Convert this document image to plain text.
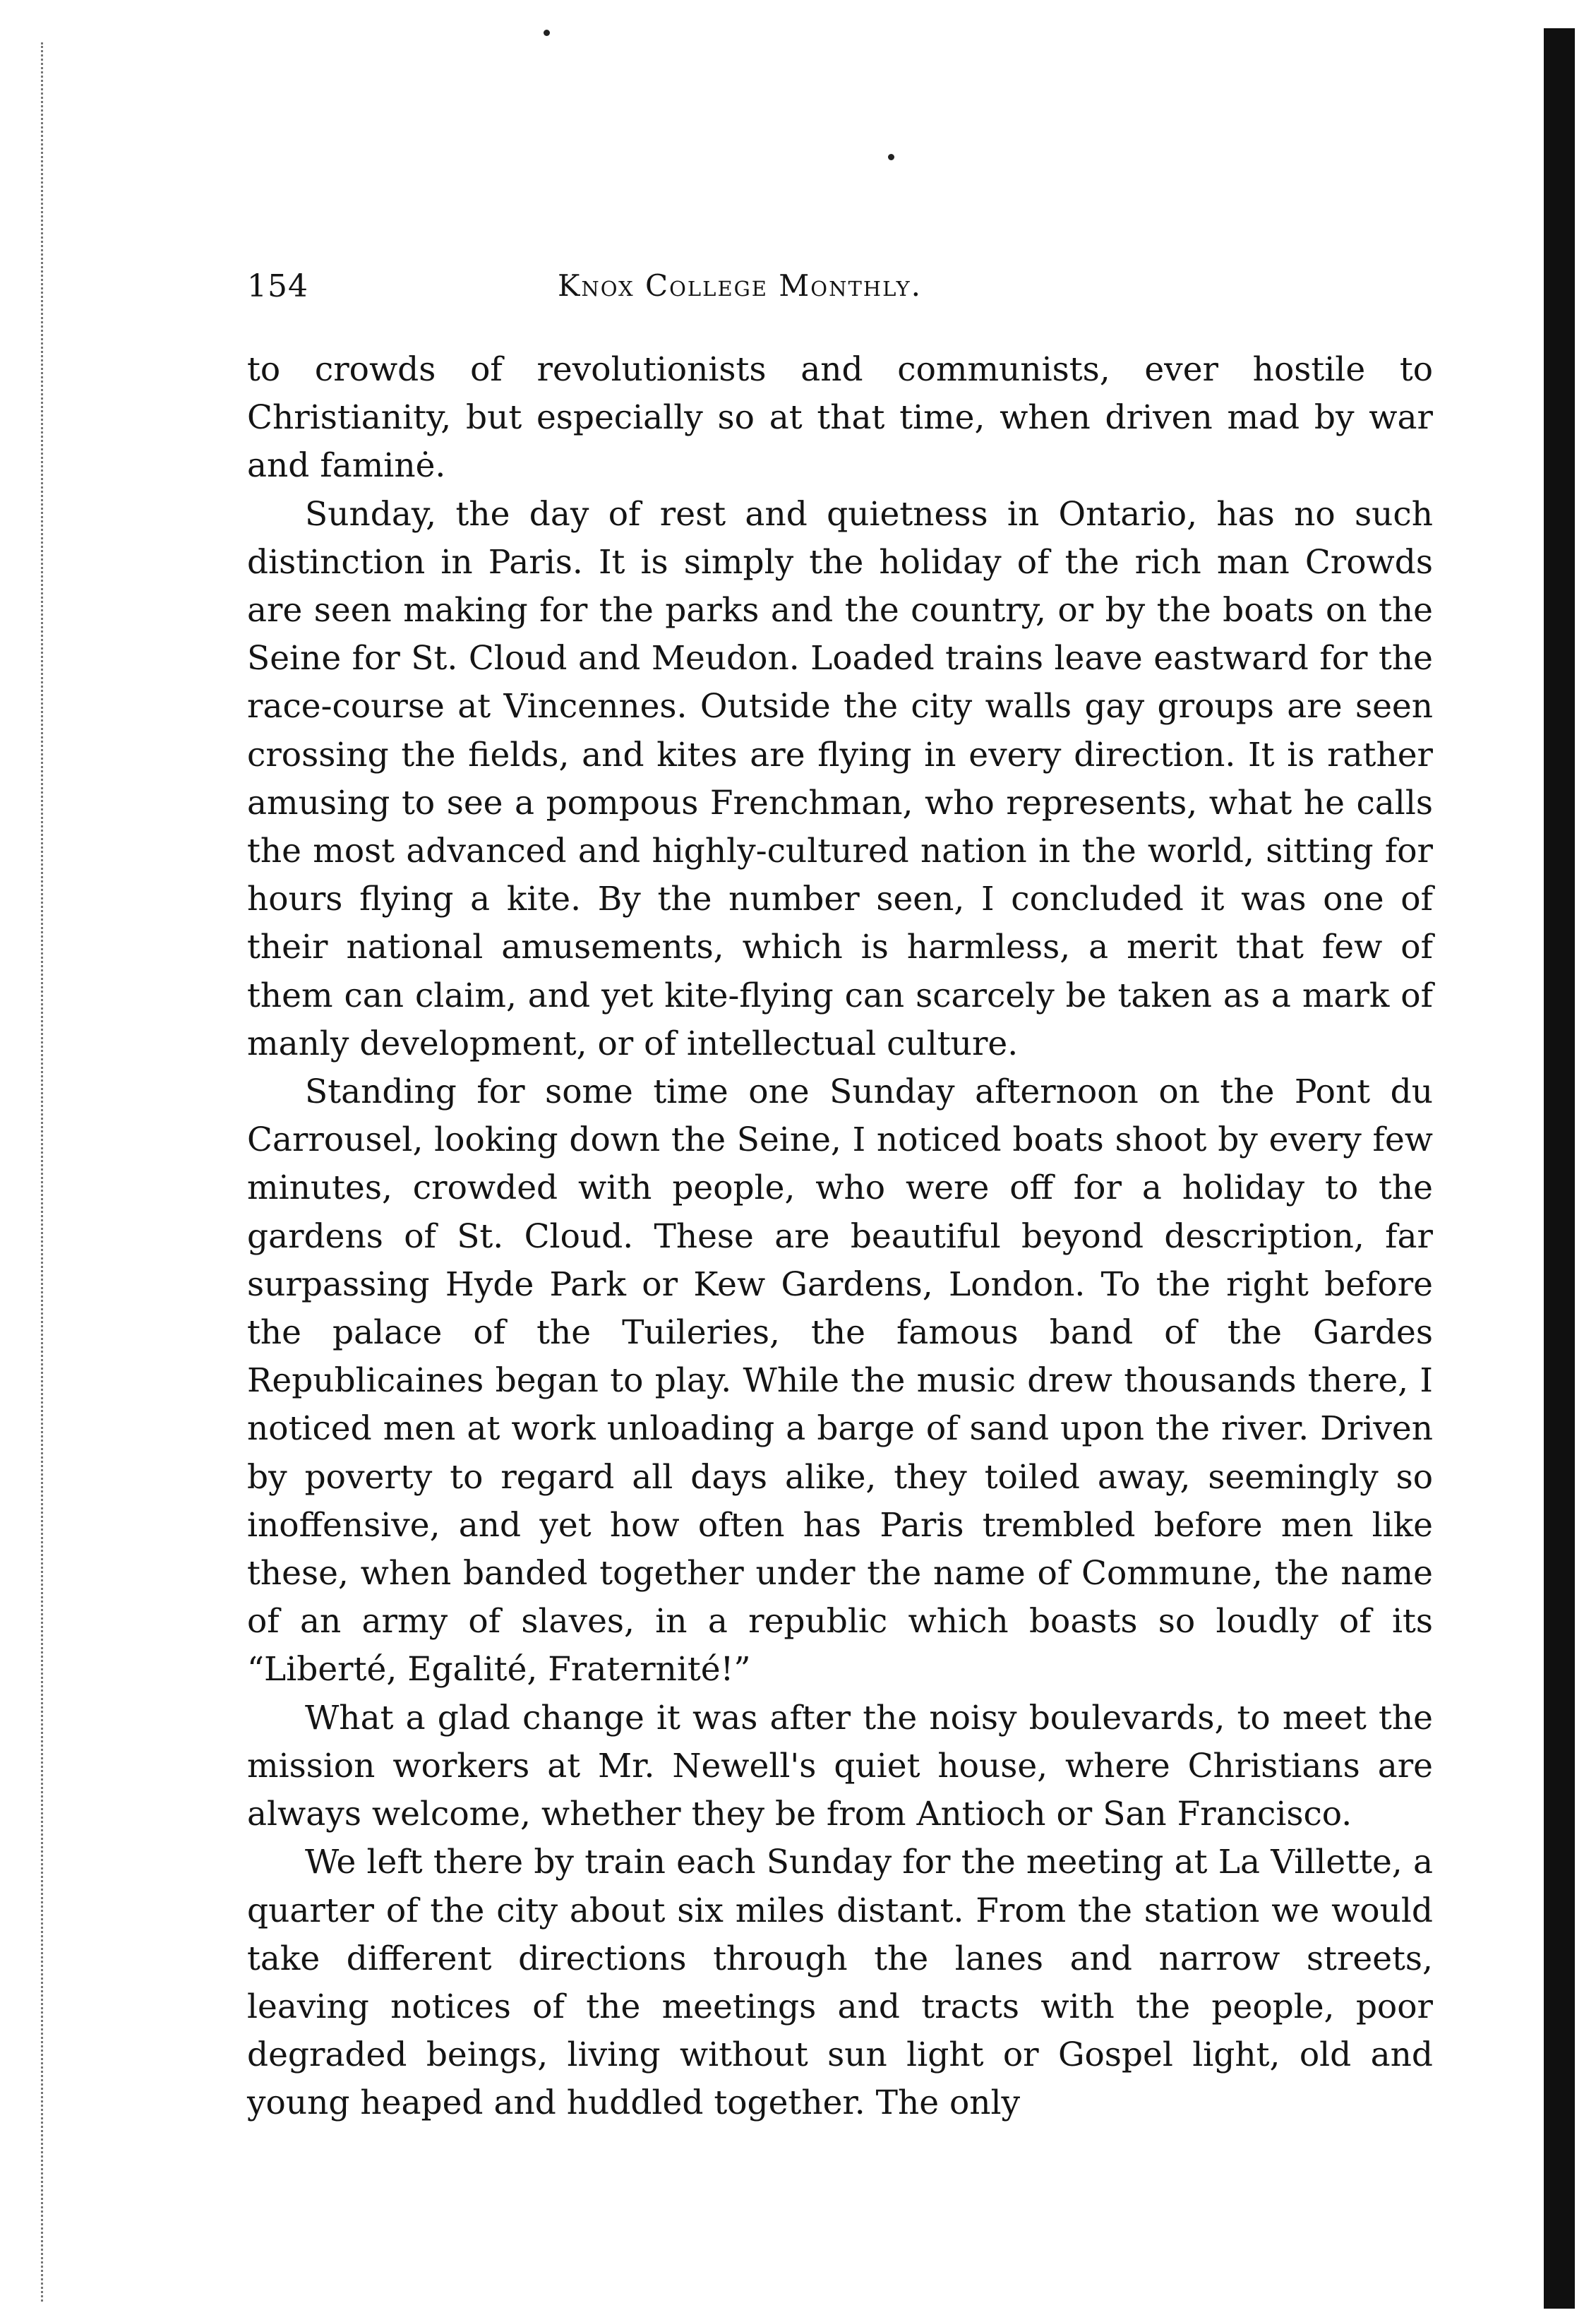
154	Knox College Monthly.

to crowds of revolutionists and communists, ever hostile to Christianity, but especially so at that time, when driven mad by war and faminė.

Sunday, the day of rest and quietness in Ontario, has no such distinction in Paris. It is simply the holiday of the rich man Crowds are seen making for the parks and the country, or by the boats on the Seine for St. Cloud and Meudon. Loaded trains leave eastward for the race-course at Vincennes. Outside the city walls gay groups are seen crossing the fields, and kites are flying in every direction. It is rather amusing to see a pompous Frenchman, who represents, what he calls the most advanced and highly-cultured nation in the world, sitting for hours flying a kite. By the number seen, I concluded it was one of their national amusements, which is harmless, a merit that few of them can claim, and yet kite-flying can scarcely be taken as a mark of manly development, or of intellectual culture.

Standing for some time one Sunday afternoon on the Pont du Carrousel, looking down the Seine, I noticed boats shoot by every few minutes, crowded with people, who were off for a holiday to the gardens of St. Cloud. These are beautiful beyond description, far surpassing Hyde Park or Kew Gardens, London. To the right before the palace of the Tuileries, the famous band of the Gardes Republicaines began to play. While the music drew thousands there, I noticed men at work unloading a barge of sand upon the river. Driven by poverty to regard all days alike, they toiled away, seemingly so inoffensive, and yet how often has Paris trembled before men like these, when banded together under the name of Commune, the name of an army of slaves, in a republic which boasts so loudly of its “Liberté, Egalité, Fraternité!”

What a glad change it was after the noisy boulevards, to meet the mission workers at Mr. Newell's quiet house, where Christians are always welcome, whether they be from Antioch or San Francisco.

We left there by train each Sunday for the meeting at La Villette, a quarter of the city about six miles distant. From the station we would take different directions through the lanes and narrow streets, leaving notices of the meetings and tracts with the people, poor degraded beings, living without sun light or Gospel light, old and young heaped and huddled together. The only
